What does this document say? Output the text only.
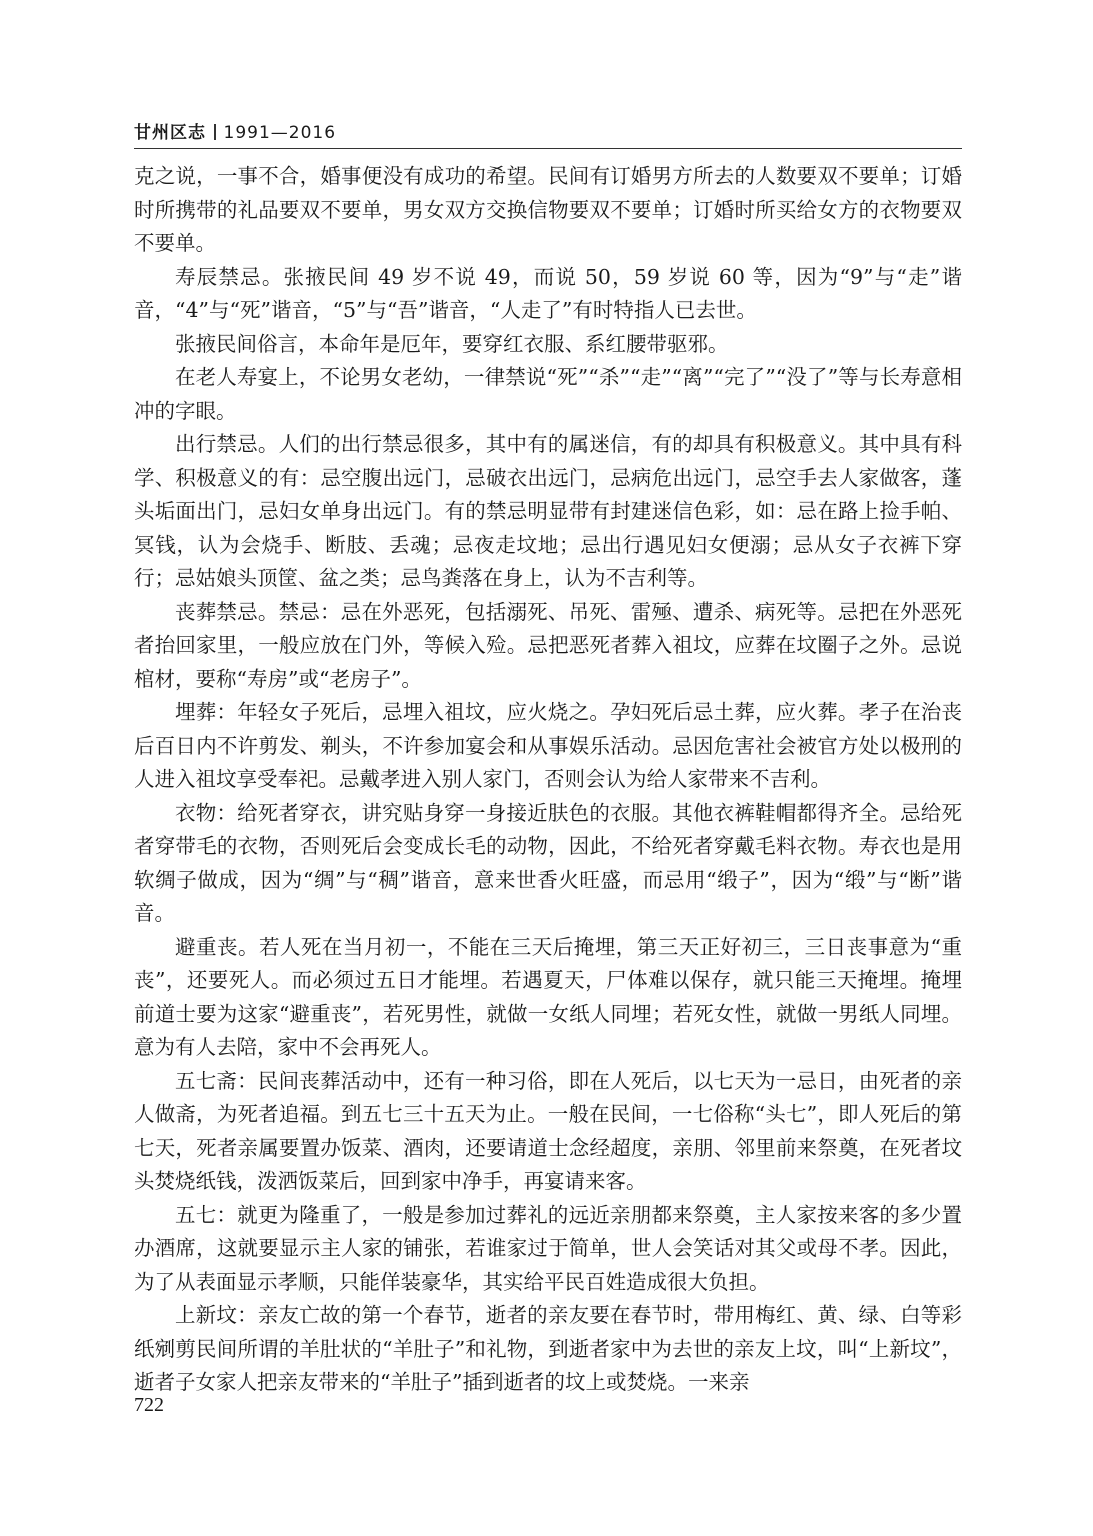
甘州区志 1991—2016

克之说，一事不合，婚事便没有成功的希望。民间有订婚男方所去的人数要双不要单；订婚时所携带的礼品要双不要单，男女双方交换信物要双不要单；订婚时所买给女方的衣物要双不要单。

寿辰禁忌。张掖民间 49 岁不说 49，而说 50，59 岁说 60 等，因为“9”与“走”谐音，“4”与“死”谐音，“5”与“吾”谐音，“人走了”有时特指人已去世。

张掖民间俗言，本命年是厄年，要穿红衣服、系红腰带驱邪。

在老人寿宴上，不论男女老幼，一律禁说“死”“杀”“走”“离”“完了”“没了”等与长寿意相冲的字眼。

出行禁忌。人们的出行禁忌很多，其中有的属迷信，有的却具有积极意义。其中具有科学、积极意义的有：忌空腹出远门，忌破衣出远门，忌病危出远门，忌空手去人家做客，蓬头垢面出门，忌妇女单身出远门。有的禁忌明显带有封建迷信色彩，如：忌在路上捡手帕、冥钱，认为会烧手、断肢、丢魂；忌夜走坟地；忌出行遇见妇女便溺；忌从女子衣裤下穿行；忌姑娘头顶筐、盆之类；忌鸟粪落在身上，认为不吉利等。

丧葬禁忌。禁忌：忌在外恶死，包括溺死、吊死、雷殛、遭杀、病死等。忌把在外恶死者抬回家里，一般应放在门外，等候入殓。忌把恶死者葬入祖坟，应葬在坟圈子之外。忌说棺材，要称“寿房”或“老房子”。

埋葬：年轻女子死后，忌埋入祖坟，应火烧之。孕妇死后忌土葬，应火葬。孝子在治丧后百日内不许剪发、剃头，不许参加宴会和从事娱乐活动。忌因危害社会被官方处以极刑的人进入祖坟享受奉祀。忌戴孝进入别人家门，否则会认为给人家带来不吉利。

衣物：给死者穿衣，讲究贴身穿一身接近肤色的衣服。其他衣裤鞋帽都得齐全。忌给死者穿带毛的衣物，否则死后会变成长毛的动物，因此，不给死者穿戴毛料衣物。寿衣也是用软绸子做成，因为“绸”与“稠”谐音，意来世香火旺盛，而忌用“缎子”，因为“缎”与“断”谐音。

避重丧。若人死在当月初一，不能在三天后掩埋，第三天正好初三，三日丧事意为“重丧”，还要死人。而必须过五日才能埋。若遇夏天，尸体难以保存，就只能三天掩埋。掩埋前道士要为这家“避重丧”，若死男性，就做一女纸人同埋；若死女性，就做一男纸人同埋。意为有人去陪，家中不会再死人。

五七斋：民间丧葬活动中，还有一种习俗，即在人死后，以七天为一忌日，由死者的亲人做斋，为死者追福。到五七三十五天为止。一般在民间，一七俗称“头七”，即人死后的第七天，死者亲属要置办饭菜、酒肉，还要请道士念经超度，亲朋、邻里前来祭奠，在死者坟头焚烧纸钱，泼洒饭菜后，回到家中净手，再宴请来客。

五七：就更为隆重了，一般是参加过葬礼的远近亲朋都来祭奠，主人家按来客的多少置办酒席，这就要显示主人家的铺张，若谁家过于简单，世人会笑话对其父或母不孝。因此，为了从表面显示孝顺，只能佯装豪华，其实给平民百姓造成很大负担。

上新坟：亲友亡故的第一个春节，逝者的亲友要在春节时，带用梅红、黄、绿、白等彩纸剜剪民间所谓的羊肚状的“羊肚子”和礼物，到逝者家中为去世的亲友上坟，叫“上新坟”，逝者子女家人把亲友带来的“羊肚子”插到逝者的坟上或焚烧。一来亲

722
